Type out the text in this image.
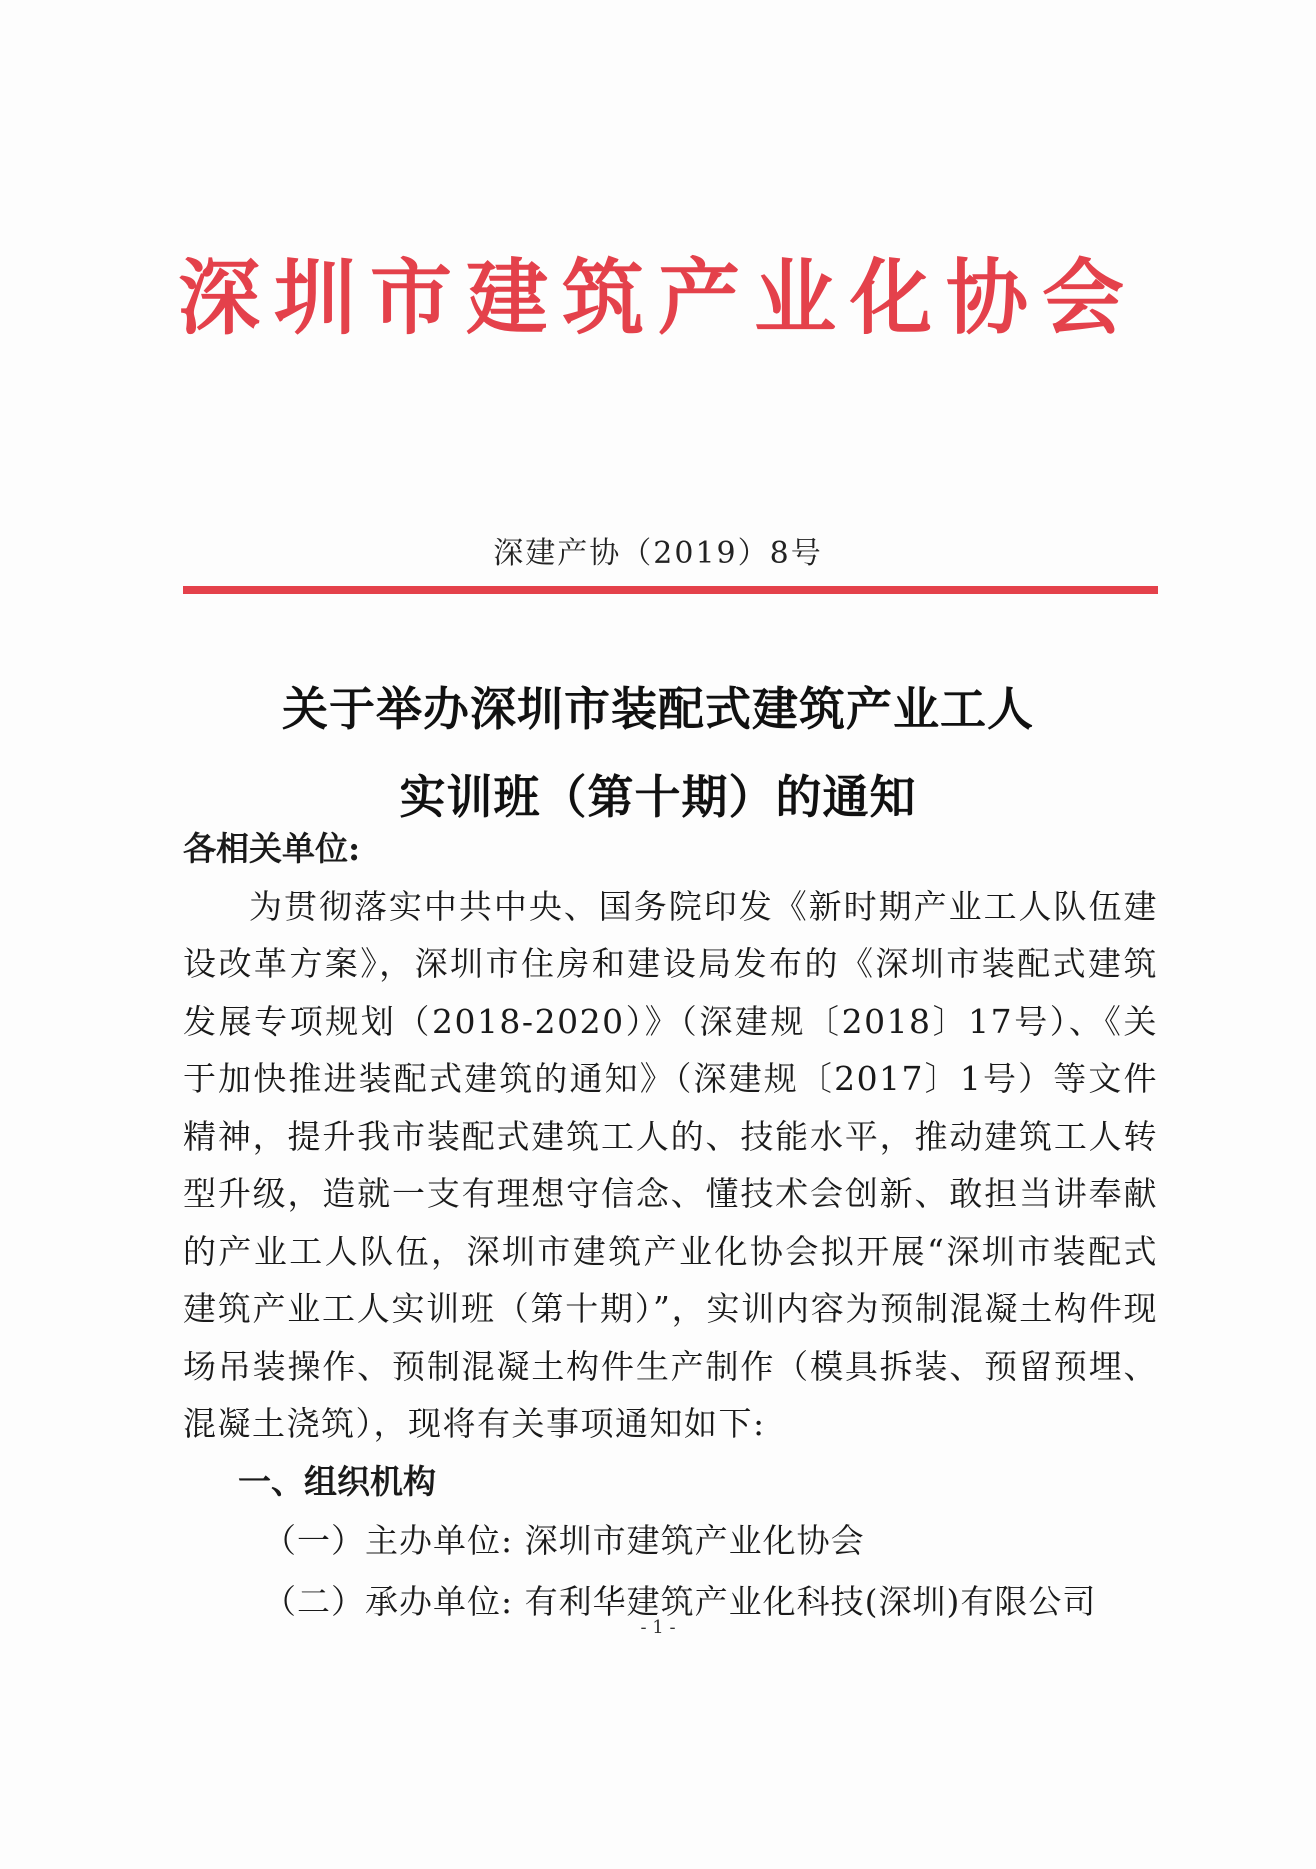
深圳市建筑产业化协会
深建产协（2019）8号
关于举办深圳市装配式建筑产业工人
实训班（第十期）的通知

各相关单位:

为贯彻落实中共中央、国务院印发《新时期产业工人队伍建设改革方案》，深圳市住房和建设局发布的《深圳市装配式建筑发展专项规划（2018-2020）》（深建规〔2018〕17号）、《关于加快推进装配式建筑的通知》（深建规〔2017〕1号）等文件精神，提升我市装配式建筑工人的、技能水平，推动建筑工人转型升级，造就一支有理想守信念、懂技术会创新、敢担当讲奉献的产业工人队伍，深圳市建筑产业化协会拟开展“深圳市装配式建筑产业工人实训班（第十期）”，实训内容为预制混凝土构件现场吊装操作、预制混凝土构件生产制作（模具拆装、预留预埋、混凝土浇筑），现将有关事项通知如下:

一、组织机构

（一）主办单位: 深圳市建筑产业化协会

（二）承办单位: 有利华建筑产业化科技(深圳)有限公司

- 1 -
